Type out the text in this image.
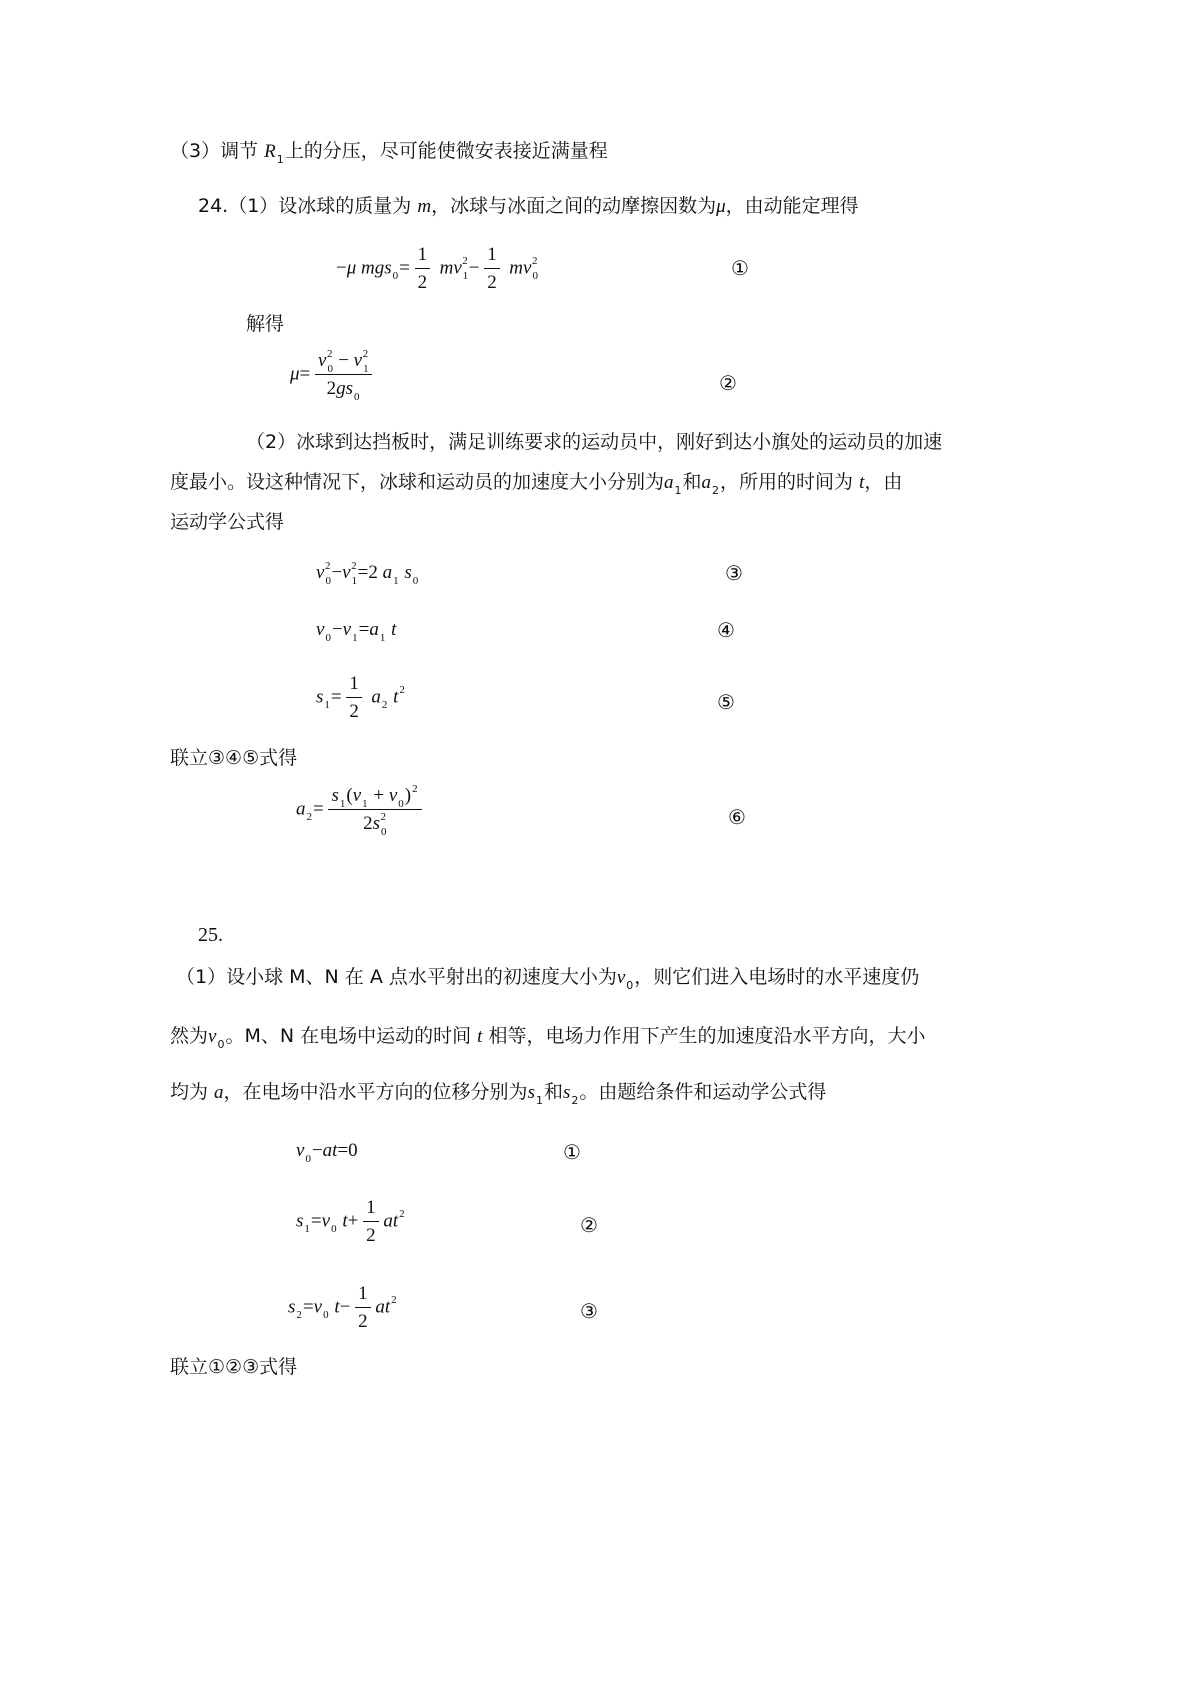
（3）调节 $R_1$上的分压，尽可能使微安表接近满量程
24.（1）设冰球的质量为 m，冰球与冰面之间的动摩擦因数为μ，由动能定理得
−μ $mgs_0= \frac{1}{2} mv_1^2- \frac{1}{2} mv_0^2$	①
解得
$\mu= \frac{v_0^2 - v_1^2}{2gs_0}$	②
（2）冰球到达挡板时，满足训练要求的运动员中，刚好到达小旗处的运动员的加速
度最小。设这种情况下，冰球和运动员的加速度大小分别为$a_1$和$a_2$，所用的时间为 t，由
运动学公式得
$v_0^2-v_1^2=2$ $a_1$ $s_0$	③
$v_0-v_1=a_1$ t	④
$s_1= \frac{1}{2} a_2$ $t^2$	⑤
联立③④⑤式得
$a_2= \frac{s_1(v_1 + v_0)^2}{2s_0^2}$	⑥
25.
（1）设小球 M、N 在 A 点水平射出的初速度大小为$v_0$，则它们进入电场时的水平速度仍
然为$v_0$。M、N 在电场中运动的时间 t 相等，电场力作用下产生的加速度沿水平方向，大小
均为 a，在电场中沿水平方向的位移分别为$s_1$和$s_2$。由题给条件和运动学公式得
$v_0-at=0$	①
$s_1=v_0$ $t+ \frac{1}{2} at^2$	②
$s_2=v_0$ $t- \frac{1}{2} at^2$	③
联立①②③式得
